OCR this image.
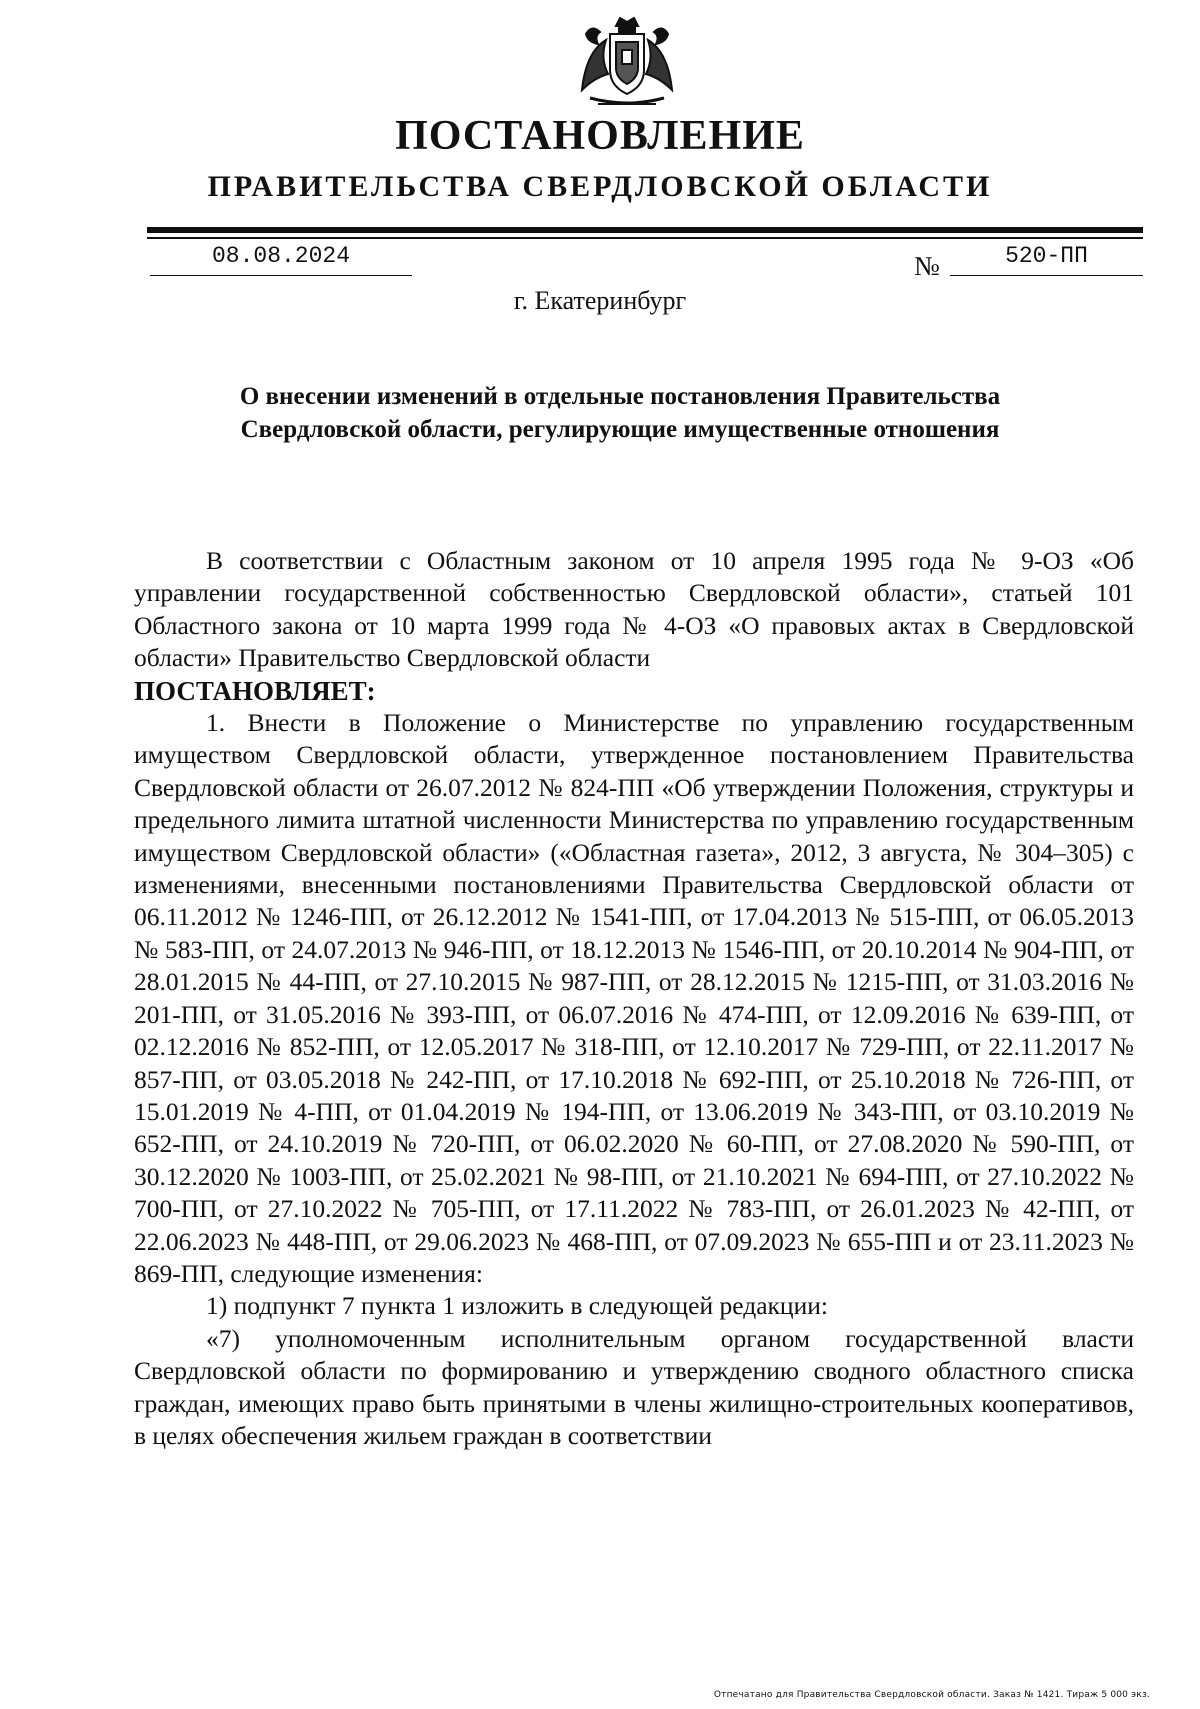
ПОСТАНОВЛЕНИЕ
ПРАВИТЕЛЬСТВА СВЕРДЛОВСКОЙ ОБЛАСТИ
08.08.2024	№	520-ПП
г. Екатеринбург
О внесении изменений в отдельные постановления Правительства Свердловской области, регулирующие имущественные отношения

В соответствии с Областным законом от 10 апреля 1995 года № 9-ОЗ «Об управлении государственной собственностью Свердловской области», статьей 101 Областного закона от 10 марта 1999 года № 4-ОЗ «О правовых актах в Свердловской области» Правительство Свердловской области

ПОСТАНОВЛЯЕТ:

1. Внести в Положение о Министерстве по управлению государственным имуществом Свердловской области, утвержденное постановлением Правительства Свердловской области от 26.07.2012 № 824-ПП «Об утверждении Положения, структуры и предельного лимита штатной численности Министерства по управлению государственным имуществом Свердловской области» («Областная газета», 2012, 3 августа, № 304–305) с изменениями, внесенными постановлениями Правительства Свердловской области от 06.11.2012 № 1246-ПП, от 26.12.2012 № 1541-ПП, от 17.04.2013 № 515-ПП, от 06.05.2013 № 583-ПП, от 24.07.2013 № 946-ПП, от 18.12.2013 № 1546-ПП, от 20.10.2014 № 904-ПП, от 28.01.2015 № 44-ПП, от 27.10.2015 № 987-ПП, от 28.12.2015 № 1215-ПП, от 31.03.2016 № 201-ПП, от 31.05.2016 № 393-ПП, от 06.07.2016 № 474-ПП, от 12.09.2016 № 639-ПП, от 02.12.2016 № 852-ПП, от 12.05.2017 № 318-ПП, от 12.10.2017 № 729-ПП, от 22.11.2017 № 857-ПП, от 03.05.2018 № 242-ПП, от 17.10.2018 № 692-ПП, от 25.10.2018 № 726-ПП, от 15.01.2019 № 4-ПП, от 01.04.2019 № 194-ПП, от 13.06.2019 № 343-ПП, от 03.10.2019 № 652-ПП, от 24.10.2019 № 720-ПП, от 06.02.2020 № 60-ПП, от 27.08.2020 № 590-ПП, от 30.12.2020 № 1003-ПП, от 25.02.2021 № 98-ПП, от 21.10.2021 № 694-ПП, от 27.10.2022 № 700-ПП, от 27.10.2022 № 705-ПП, от 17.11.2022 № 783-ПП, от 26.01.2023 № 42-ПП, от 22.06.2023 № 448-ПП, от 29.06.2023 № 468-ПП, от 07.09.2023 № 655-ПП и от 23.11.2023 № 869-ПП, следующие изменения:

1) подпункт 7 пункта 1 изложить в следующей редакции:

«7) уполномоченным исполнительным органом государственной власти Свердловской области по формированию и утверждению сводного областного списка граждан, имеющих право быть принятыми в члены жилищно-строительных кооперативов, в целях обеспечения жильем граждан в соответствии

Отпечатано для Правительства Свердловской области. Заказ № 1421. Тираж 5 000 экз.
